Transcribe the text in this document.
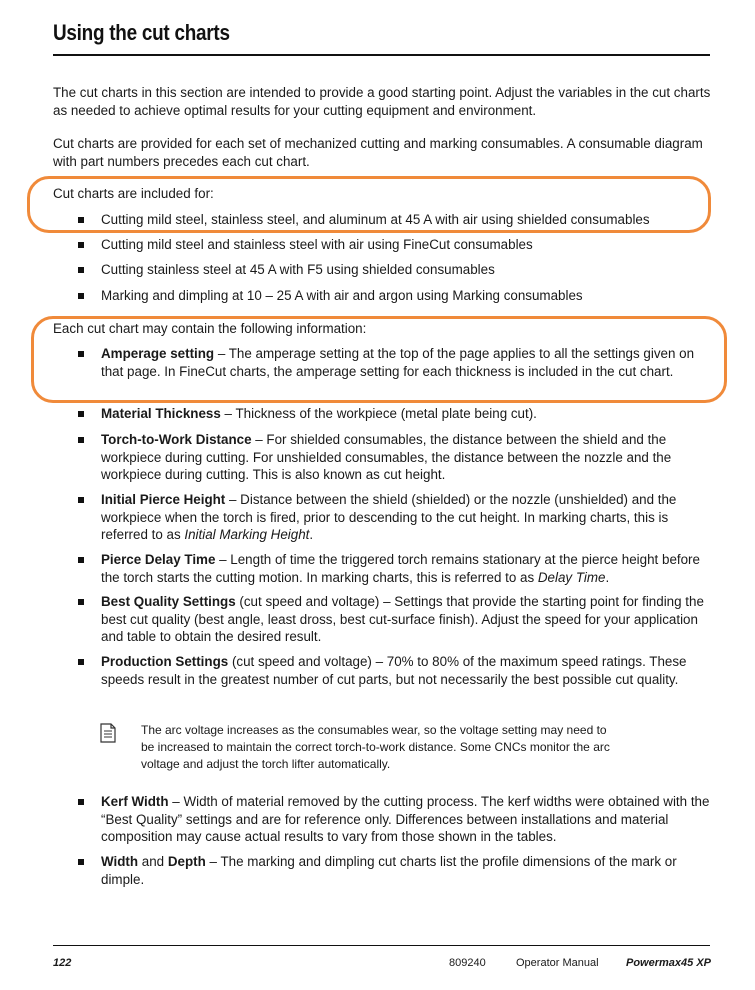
Using the cut charts

The cut charts in this section are intended to provide a good starting point. Adjust the variables in the cut charts as needed to achieve optimal results for your cutting equipment and environment.

Cut charts are provided for each set of mechanized cutting and marking consumables. A consumable diagram with part numbers precedes each cut chart.

Cut charts are included for:

Cutting mild steel, stainless steel, and aluminum at 45 A with air using shielded consumables
Cutting mild steel and stainless steel with air using FineCut consumables
Cutting stainless steel at 45 A with F5 using shielded consumables
Marking and dimpling at 10 – 25 A with air and argon using Marking consumables

Each cut chart may contain the following information:

Amperage setting – The amperage setting at the top of the page applies to all the settings given on that page. In FineCut charts, the amperage setting for each thickness is included in the cut chart.
Material Thickness – Thickness of the workpiece (metal plate being cut).
Torch-to-Work Distance – For shielded consumables, the distance between the shield and the workpiece during cutting. For unshielded consumables, the distance between the nozzle and the workpiece during cutting. This is also known as cut height.
Initial Pierce Height – Distance between the shield (shielded) or the nozzle (unshielded) and the workpiece when the torch is fired, prior to descending to the cut height. In marking charts, this is referred to as Initial Marking Height.
Pierce Delay Time – Length of time the triggered torch remains stationary at the pierce height before the torch starts the cutting motion. In marking charts, this is referred to as Delay Time.
Best Quality Settings (cut speed and voltage) – Settings that provide the starting point for finding the best cut quality (best angle, least dross, best cut-surface finish). Adjust the speed for your application and table to obtain the desired result.
Production Settings (cut speed and voltage) – 70% to 80% of the maximum speed ratings. These speeds result in the greatest number of cut parts, but not necessarily the best possible cut quality.

The arc voltage increases as the consumables wear, so the voltage setting may need to be increased to maintain the correct torch-to-work distance. Some CNCs monitor the arc voltage and adjust the torch lifter automatically.

Kerf Width – Width of material removed by the cutting process. The kerf widths were obtained with the “Best Quality” settings and are for reference only. Differences between installations and material composition may cause actual results to vary from those shown in the tables.
Width and Depth – The marking and dimpling cut charts list the profile dimensions of the mark or dimple.
122	809240	Operator Manual Powermax45 XP
